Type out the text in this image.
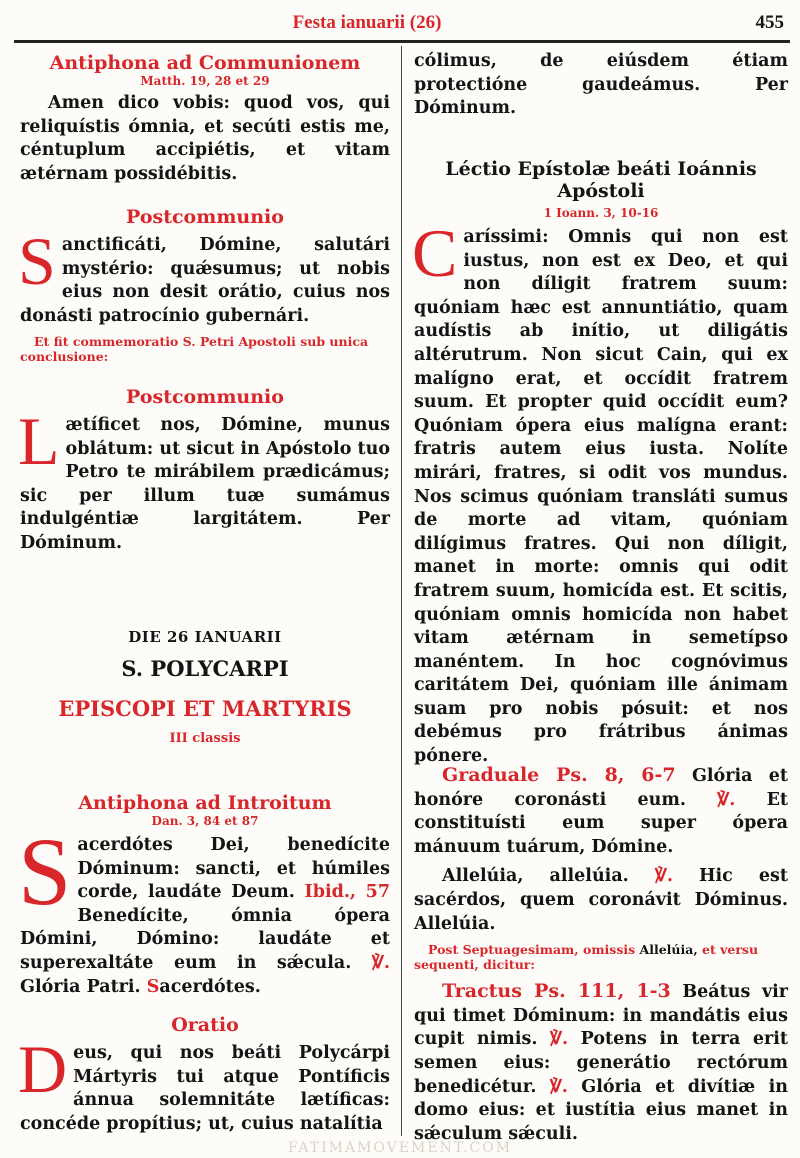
Festa ianuarii (26)	455
Antiphona ad Communionem
Matth. 19, 28 et 29
Amen dico vobis: quod vos, qui reliquístis ómnia, et secúti estis me, céntuplum accipiétis, et vitam ætérnam possidébitis.
Postcommunio
Sanctificáti, Dómine, salutári mystério: quǽsumus; ut nobis eius non desit orátio, cuius nos donásti patrocínio gubernári.
Et fit commemoratio S. Petri Apostoli sub unica conclusione:
Postcommunio
Lætíficet nos, Dómine, munus oblátum: ut sicut in Apóstolo tuo Petro te mirábilem prædicámus; sic per illum tuæ sumámus indulgéntiæ largitátem. Per Dóminum.
DIE 26 IANUARII
S. POLYCARPI
EPISCOPI ET MARTYRIS
III classis
Antiphona ad Introitum
Dan. 3, 84 et 87
Sacerdótes Dei, benedícite Dóminum: sancti, et húmiles corde, laudáte Deum. Ibid., 57 Benedícite, ómnia ópera Dómini, Dómino: laudáte et superexaltáte eum in sǽcula. ℣. Glória Patri. Sacerdótes.
Oratio
Deus, qui nos beáti Polycárpi Mártyris tui atque Pontíficis ánnua solemnitáte lætíficas: concéde propítius; ut, cuius natalítia
cólimus, de eiúsdem étiam protectióne gaudeámus. Per Dóminum.
Léctio Epístolæ beáti Ioánnis Apóstoli
1 Ioann. 3, 10-16
Caríssimi: Omnis qui non est iustus, non est ex Deo, et qui non díligit fratrem suum: quóniam hæc est annuntiátio, quam audístis ab inítio, ut diligátis altérutrum. Non sicut Cain, qui ex malígno erat, et occídit fratrem suum. Et propter quid occídit eum? Quóniam ópera eius malígna erant: fratris autem eius iusta. Nolíte mirári, fratres, si odit vos mundus. Nos scimus quóniam transláti sumus de morte ad vitam, quóniam dilígimus fratres. Qui non díligit, manet in morte: omnis qui odit fratrem suum, homicída est. Et scitis, quóniam omnis homicída non habet vitam ætérnam in semetípso manéntem. In hoc cognóvimus caritátem Dei, quóniam ille ánimam suam pro nobis pósuit: et nos debémus pro frátribus ánimas pónere.
Graduale Ps. 8, 6-7 Glória et honóre coronásti eum. ℣. Et constituísti eum super ópera mánuum tuárum, Dómine.
Allelúia, allelúia. ℣. Hic est sacérdos, quem coronávit Dóminus. Allelúia.
Post Septuagesimam, omissis Allelúia, et versu sequenti, dicitur:
Tractus Ps. 111, 1-3 Beátus vir qui timet Dóminum: in mandátis eius cupit nimis. ℣. Potens in terra erit semen eius: generátio rectórum benedicétur. ℣. Glória et divítiæ in domo eius: et iustítia eius manet in sǽculum sǽculi.
FATIMAMOVEMENT.COM
